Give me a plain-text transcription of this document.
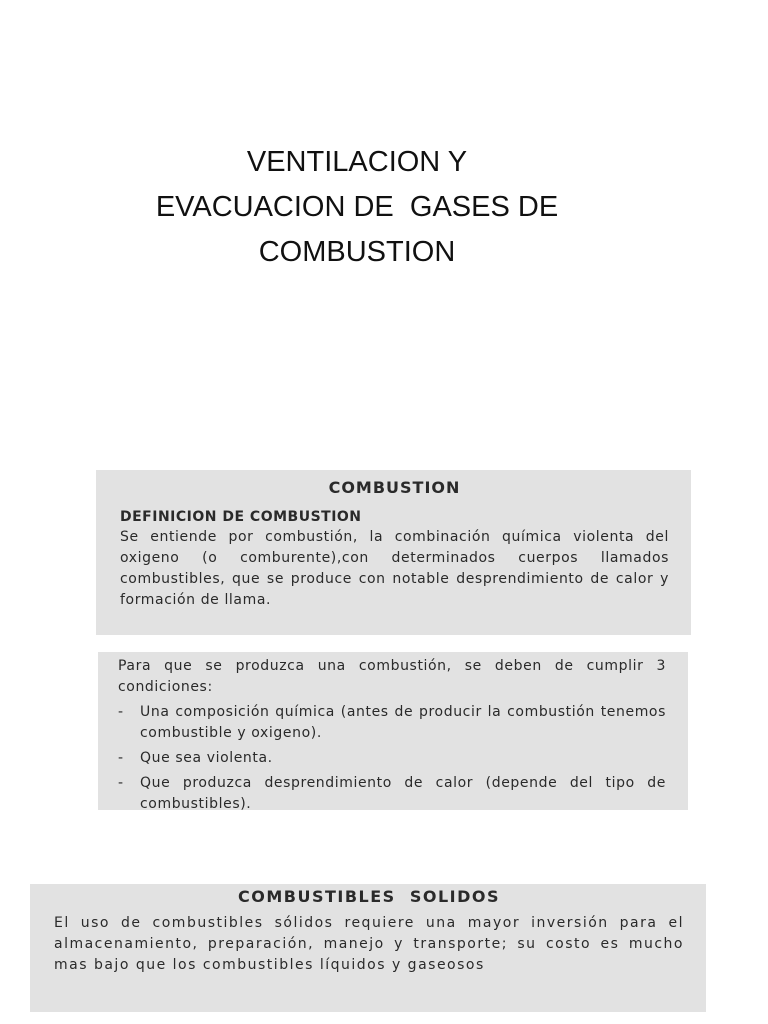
VENTILACION Y
EVACUACION DE  GASES DE
COMBUSTION
COMBUSTION
DEFINICION DE COMBUSTION
Se entiende por combustión, la combinación química violenta del oxigeno (o comburente),con determinados cuerpos llamados combustibles, que se produce con notable desprendimiento de calor y formación de llama.
Para que se produzca una combustión, se deben de cumplir 3 condiciones:
-	Una composición química (antes de producir la combustión tenemos combustible y oxigeno).
-	Que sea violenta.
-	Que produzca desprendimiento de calor (depende del tipo de combustibles).
COMBUSTIBLES  SOLIDOS
El uso de combustibles sólidos requiere una mayor inversión para el almacenamiento, preparación, manejo y transporte; su costo es mucho mas bajo que los combustibles líquidos y gaseosos
